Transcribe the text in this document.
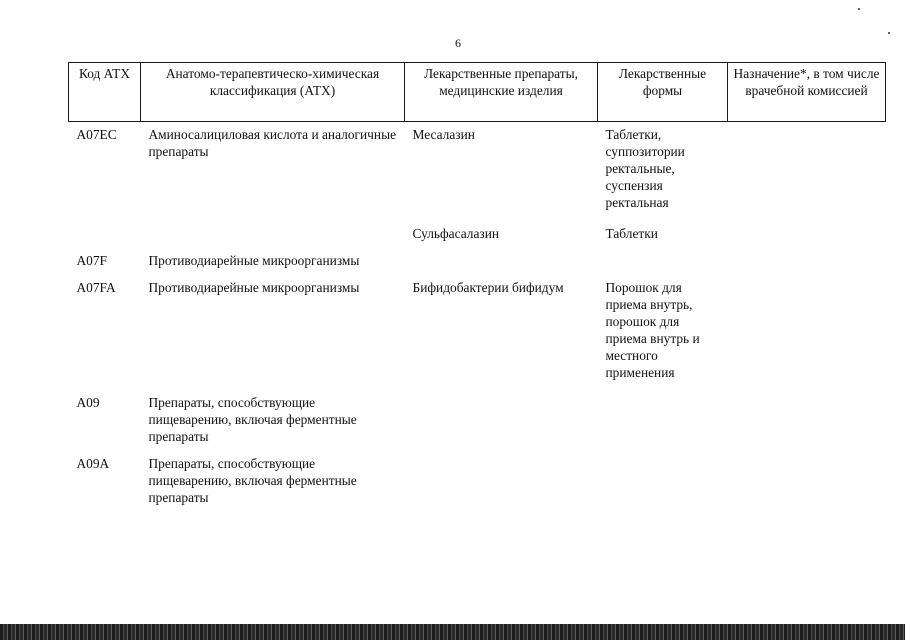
6
Код АТХ	Анатомо-терапевтическо-химическая классификация (АТХ)	Лекарственные препараты, медицинские изделия	Лекарственные формы	Назначение*, в том числе врачебной комиссией
A07EC	Аминосалициловая кислота и аналогичные препараты	Месалазин	Таблетки, суппозитории ректальные, суспензия ректальная	
		Сульфасалазин	Таблетки	
A07F	Противодиарейные микроорганизмы			
A07FA	Противодиарейные микроорганизмы	Бифидобактерии бифидум	Порошок для приема внутрь, порошок для приема внутрь и местного применения	
A09	Препараты, способствующие пищеварению, включая ферментные препараты			
A09A	Препараты, способствующие пищеварению, включая ферментные препараты			
